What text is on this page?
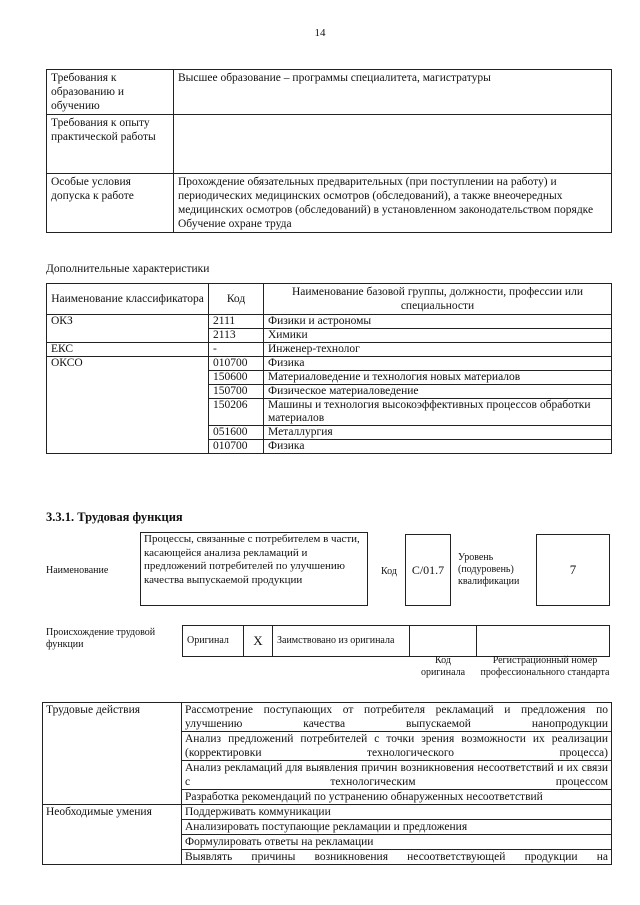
14
Требования к образованию и обучению	Высшее образование – программы специалитета, магистратуры
Требования к опыту практической работы	
Особые условия допуска к работе	Прохождение обязательных предварительных (при поступлении на работу) и периодических медицинских осмотров (обследований), а также внеочередных медицинских осмотров (обследований) в установленном законодательством порядке
Обучение охране труда
Дополнительные характеристики
Наименование классификатора	Код	Наименование базовой группы, должности, профессии или специальности
ОКЗ	2111	Физики и астрономы
	2113	Химики
ЕКС	-	Инженер-технолог
ОКСО	010700	Физика
	150600	Материаловедение и технология новых материалов
	150700	Физическое материаловедение
	150206	Машины и технология высокоэффективных процессов обработки материалов
	051600	Металлургия
	010700	Физика
3.3.1. Трудовая функция
Наименование
Процессы, связанные с потребителем в части, касающейся анализа рекламаций и предложений потребителей по улучшению качества выпускаемой продукции
Код	C/01.7
Уровень (подуровень) квалификации
7
Происхождение трудовой функции	Оригинал	X	Заимствовано из оригинала		
Код оригинала
Регистрационный номер профессионального стандарта
Трудовые действия	Рассмотрение поступающих от потребителя рекламаций и предложения по улучшению качества выпускаемой нанопродукции
	Анализ предложений потребителей с точки зрения возможности их реализации (корректировки технологического процесса)
	Анализ рекламаций для выявления причин возникновения несоответствий и их связи с технологическим процессом
	Разработка рекомендаций по устранению обнаруженных несоответствий
Необходимые умения	Поддерживать коммуникации
	Анализировать поступающие рекламации и предложения
	Формулировать ответы на рекламации
	Выявлять причины возникновения несоответствующей продукции на
